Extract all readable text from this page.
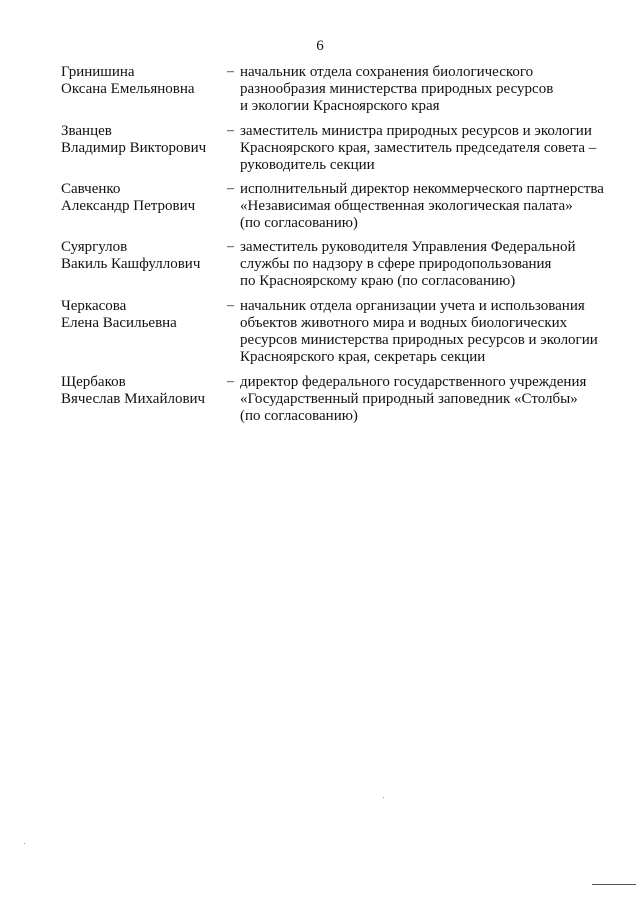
6
Гринишина
Оксана Емельяновна
– начальник отдела сохранения биологического
разнообразия министерства природных ресурсов
и экологии Красноярского края
Званцев
Владимир Викторович
– заместитель министра природных ресурсов и экологии
Красноярского края, заместитель председателя совета –
руководитель секции
Савченко
Александр Петрович
– исполнительный директор некоммерческого партнерства
«Независимая общественная экологическая палата»
(по согласованию)
Суяргулов
Вакиль Кашфуллович
– заместитель руководителя Управления Федеральной
службы по надзору в сфере природопользования
по Красноярскому краю (по согласованию)
Черкасова
Елена Васильевна
– начальник отдела организации учета и использования
объектов животного мира и водных биологических
ресурсов министерства природных ресурсов и экологии
Красноярского края, секретарь секции
Щербаков
Вячеслав Михайлович
– директор федерального государственного учреждения
«Государственный природный заповедник «Столбы»
(по согласованию)
